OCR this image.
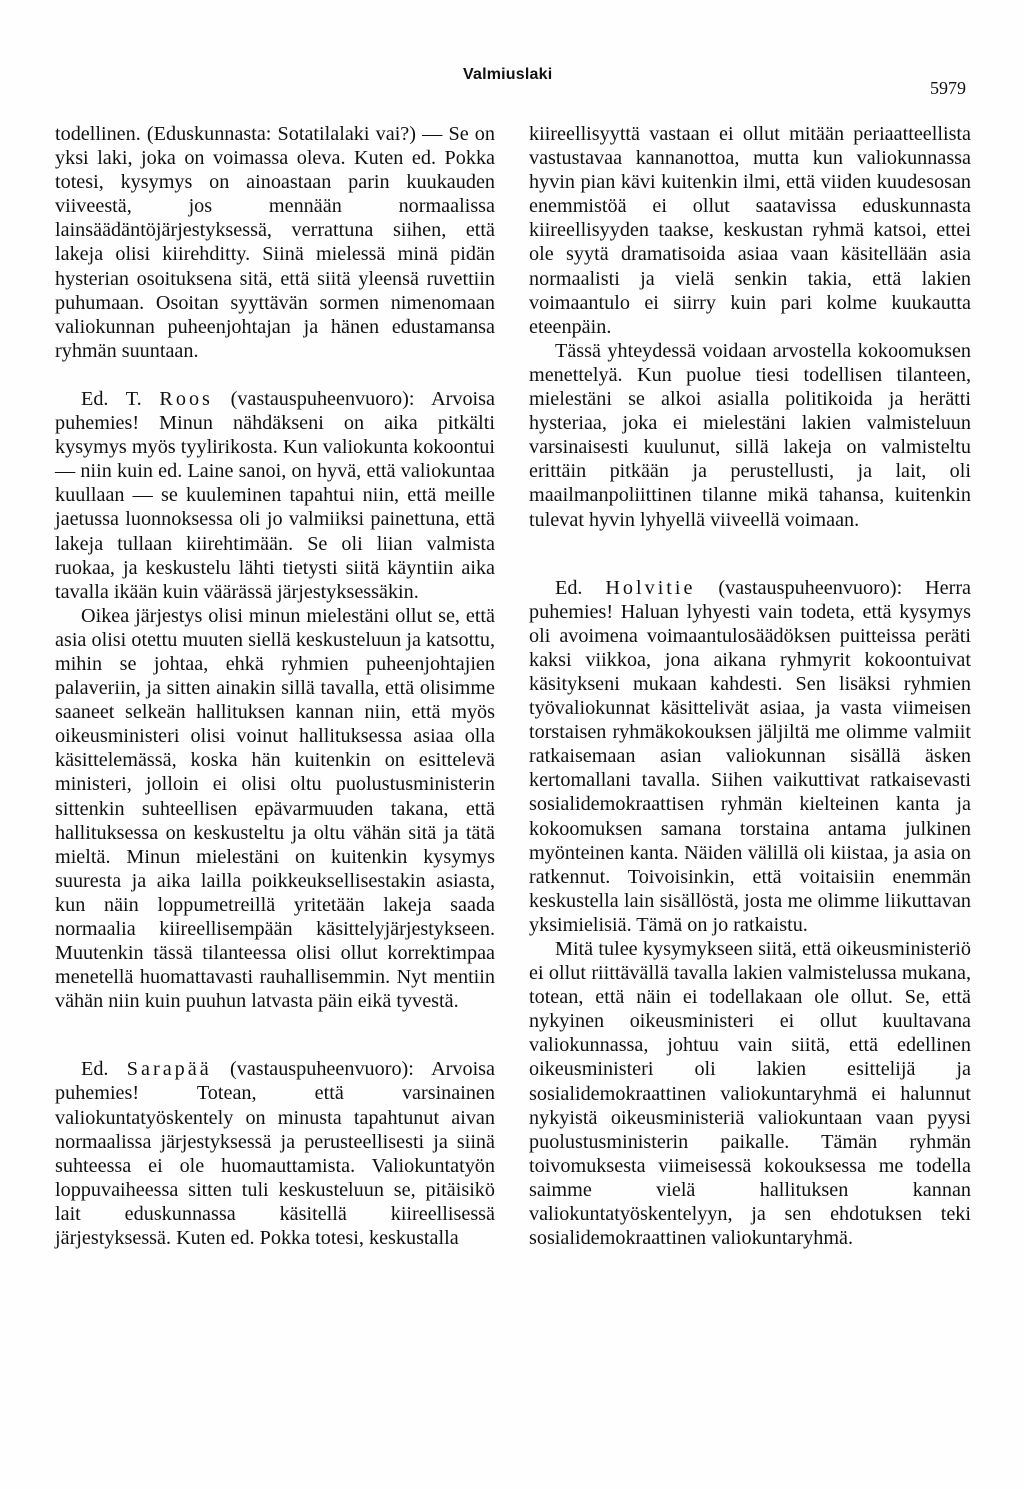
Valmiuslaki
5979

todellinen. (Eduskunnasta: Sotatilalaki vai?) — Se on yksi laki, joka on voimassa oleva. Kuten ed. Pokka totesi, kysymys on ainoastaan parin kuukauden viiveestä, jos mennään normaalissa lainsäädäntöjärjestyksessä, verrattuna siihen, että lakeja olisi kiirehditty. Siinä mielessä minä pidän hysterian osoituksena sitä, että siitä yleensä ruvettiin puhumaan. Osoitan syyttävän sormen nimenomaan valiokunnan puheenjohtajan ja hänen edustamansa ryhmän suuntaan.

Ed. T. Roos (vastauspuheenvuoro): Arvoisa puhemies! Minun nähdäkseni on aika pitkälti kysymys myös tyylirikosta. Kun valiokunta kokoontui — niin kuin ed. Laine sanoi, on hyvä, että valiokuntaa kuullaan — se kuuleminen tapahtui niin, että meille jaetussa luonnoksessa oli jo valmiiksi painettuna, että lakeja tullaan kiirehtimään. Se oli liian valmista ruokaa, ja keskustelu lähti tietysti siitä käyntiin aika tavalla ikään kuin väärässä järjestyksessäkin.

Oikea järjestys olisi minun mielestäni ollut se, että asia olisi otettu muuten siellä keskusteluun ja katsottu, mihin se johtaa, ehkä ryhmien puheenjohtajien palaveriin, ja sitten ainakin sillä tavalla, että olisimme saaneet selkeän hallituksen kannan niin, että myös oikeusministeri olisi voinut hallituksessa asiaa olla käsittelemässä, koska hän kuitenkin on esittelevä ministeri, jolloin ei olisi oltu puolustusministerin sittenkin suhteellisen epävarmuuden takana, että hallituksessa on keskusteltu ja oltu vähän sitä ja tätä mieltä. Minun mielestäni on kuitenkin kysymys suuresta ja aika lailla poikkeuksellisestakin asiasta, kun näin loppumetreillä yritetään lakeja saada normaalia kiireellisempään käsittelyjärjestykseen. Muutenkin tässä tilanteessa olisi ollut korrektimpaa menetellä huomattavasti rauhallisemmin. Nyt mentiin vähän niin kuin puuhun latvasta päin eikä tyvestä.

Ed. Sarapää (vastauspuheenvuoro): Arvoisa puhemies! Totean, että varsinainen valiokuntatyöskentely on minusta tapahtunut aivan normaalissa järjestyksessä ja perusteellisesti ja siinä suhteessa ei ole huomauttamista. Valiokuntatyön loppuvaiheessa sitten tuli keskusteluun se, pitäisikö lait eduskunnassa käsitellä kiireellisessä järjestyksessä. Kuten ed. Pokka totesi, keskustalla

kiireellisyyttä vastaan ei ollut mitään periaatteellista vastustavaa kannanottoa, mutta kun valiokunnassa hyvin pian kävi kuitenkin ilmi, että viiden kuudesosan enemmistöä ei ollut saatavissa eduskunnasta kiireellisyyden taakse, keskustan ryhmä katsoi, ettei ole syytä dramatisoida asiaa vaan käsitellään asia normaalisti ja vielä senkin takia, että lakien voimaantulo ei siirry kuin pari kolme kuukautta eteenpäin.

Tässä yhteydessä voidaan arvostella kokoomuksen menettelyä. Kun puolue tiesi todellisen tilanteen, mielestäni se alkoi asialla politikoida ja herätti hysteriaa, joka ei mielestäni lakien valmisteluun varsinaisesti kuulunut, sillä lakeja on valmisteltu erittäin pitkään ja perustellusti, ja lait, oli maailmanpoliittinen tilanne mikä tahansa, kuitenkin tulevat hyvin lyhyellä viiveellä voimaan.

Ed. Holvitie (vastauspuheenvuoro): Herra puhemies! Haluan lyhyesti vain todeta, että kysymys oli avoimena voimaantulosäädöksen puitteissa peräti kaksi viikkoa, jona aikana ryhmyrit kokoontuivat käsitykseni mukaan kahdesti. Sen lisäksi ryhmien työvaliokunnat käsittelivät asiaa, ja vasta viimeisen torstaisen ryhmäkokouksen jäljiltä me olimme valmiit ratkaisemaan asian valiokunnan sisällä äsken kertomallani tavalla. Siihen vaikuttivat ratkaisevasti sosialidemokraattisen ryhmän kielteinen kanta ja kokoomuksen samana torstaina antama julkinen myönteinen kanta. Näiden välillä oli kiistaa, ja asia on ratkennut. Toivoisinkin, että voitaisiin enemmän keskustella lain sisällöstä, josta me olimme liikuttavan yksimielisiä. Tämä on jo ratkaistu.

Mitä tulee kysymykseen siitä, että oikeusministeriö ei ollut riittävällä tavalla lakien valmistelussa mukana, totean, että näin ei todellakaan ole ollut. Se, että nykyinen oikeusministeri ei ollut kuultavana valiokunnassa, johtuu vain siitä, että edellinen oikeusministeri oli lakien esittelijä ja sosialidemokraattinen valiokuntaryhmä ei halunnut nykyistä oikeusministeriä valiokuntaan vaan pyysi puolustusministerin paikalle. Tämän ryhmän toivomuksesta viimeisessä kokouksessa me todella saimme vielä hallituksen kannan valiokuntatyöskentelyyn, ja sen ehdotuksen teki sosialidemokraattinen valiokuntaryhmä.
